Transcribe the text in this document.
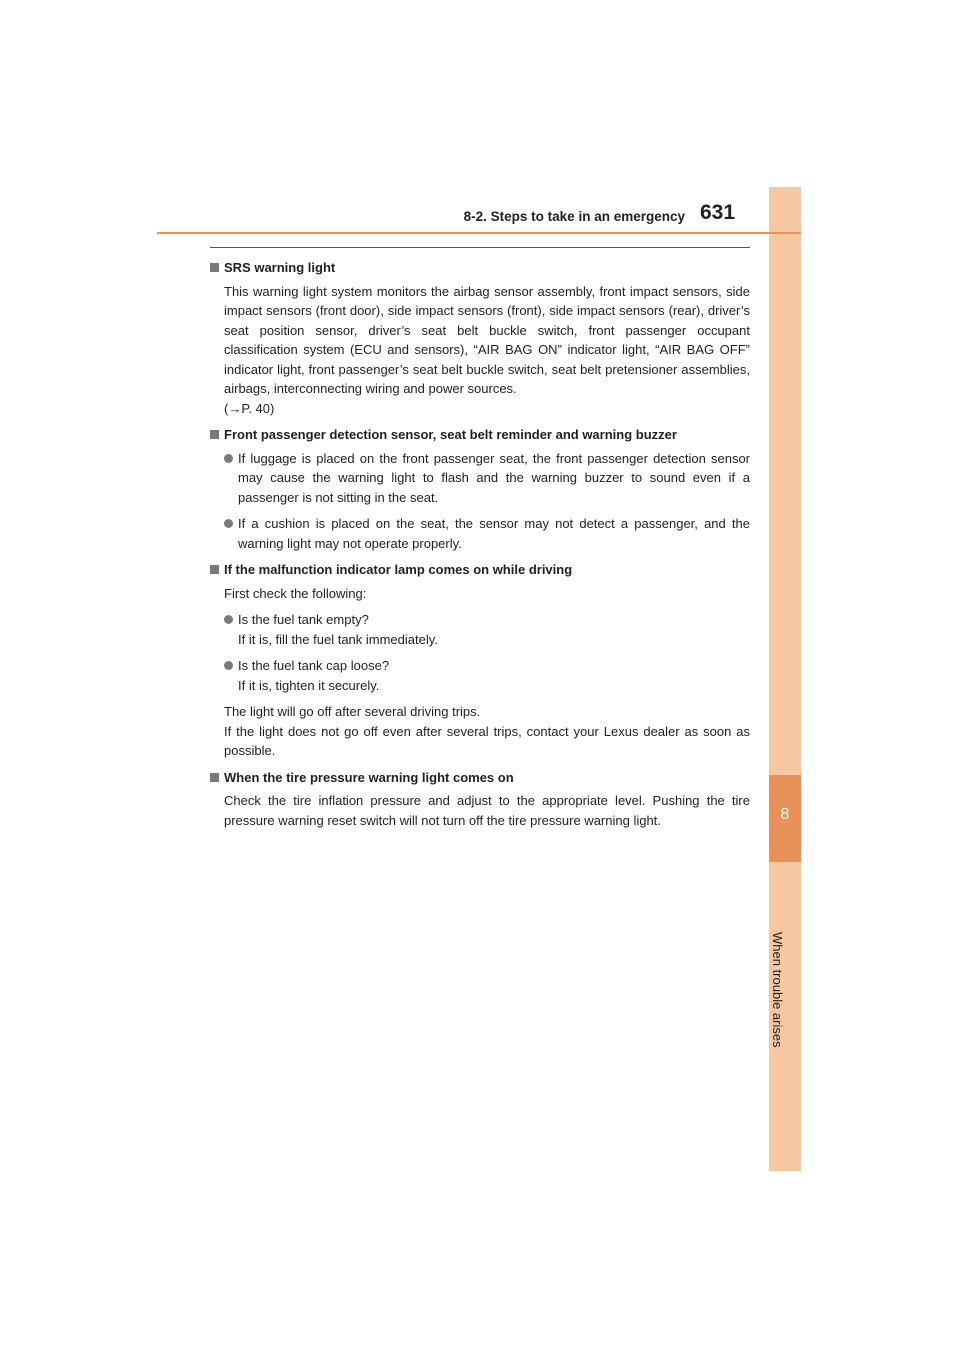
8
When trouble arises
8-2. Steps to take in an emergency 631
SRS warning light
This warning light system monitors the airbag sensor assembly, front impact sensors, side impact sensors (front door), side impact sensors (front), side impact sensors (rear), driver’s seat position sensor, driver’s seat belt buckle switch, front passenger occupant classification system (ECU and sensors), “AIR BAG ON” indicator light, “AIR BAG OFF” indicator light, front passenger’s seat belt buckle switch, seat belt pretensioner assemblies, airbags, interconnecting wiring and power sources.
(→P. 40)
Front passenger detection sensor, seat belt reminder and warning buzzer
If luggage is placed on the front passenger seat, the front passenger detection sensor may cause the warning light to flash and the warning buzzer to sound even if a passenger is not sitting in the seat.
If a cushion is placed on the seat, the sensor may not detect a passenger, and the warning light may not operate properly.
If the malfunction indicator lamp comes on while driving
First check the following:
Is the fuel tank empty?
If it is, fill the fuel tank immediately.
Is the fuel tank cap loose?
If it is, tighten it securely.
The light will go off after several driving trips.
If the light does not go off even after several trips, contact your Lexus dealer as soon as possible.
When the tire pressure warning light comes on
Check the tire inflation pressure and adjust to the appropriate level. Pushing the tire pressure warning reset switch will not turn off the tire pressure warning light.
